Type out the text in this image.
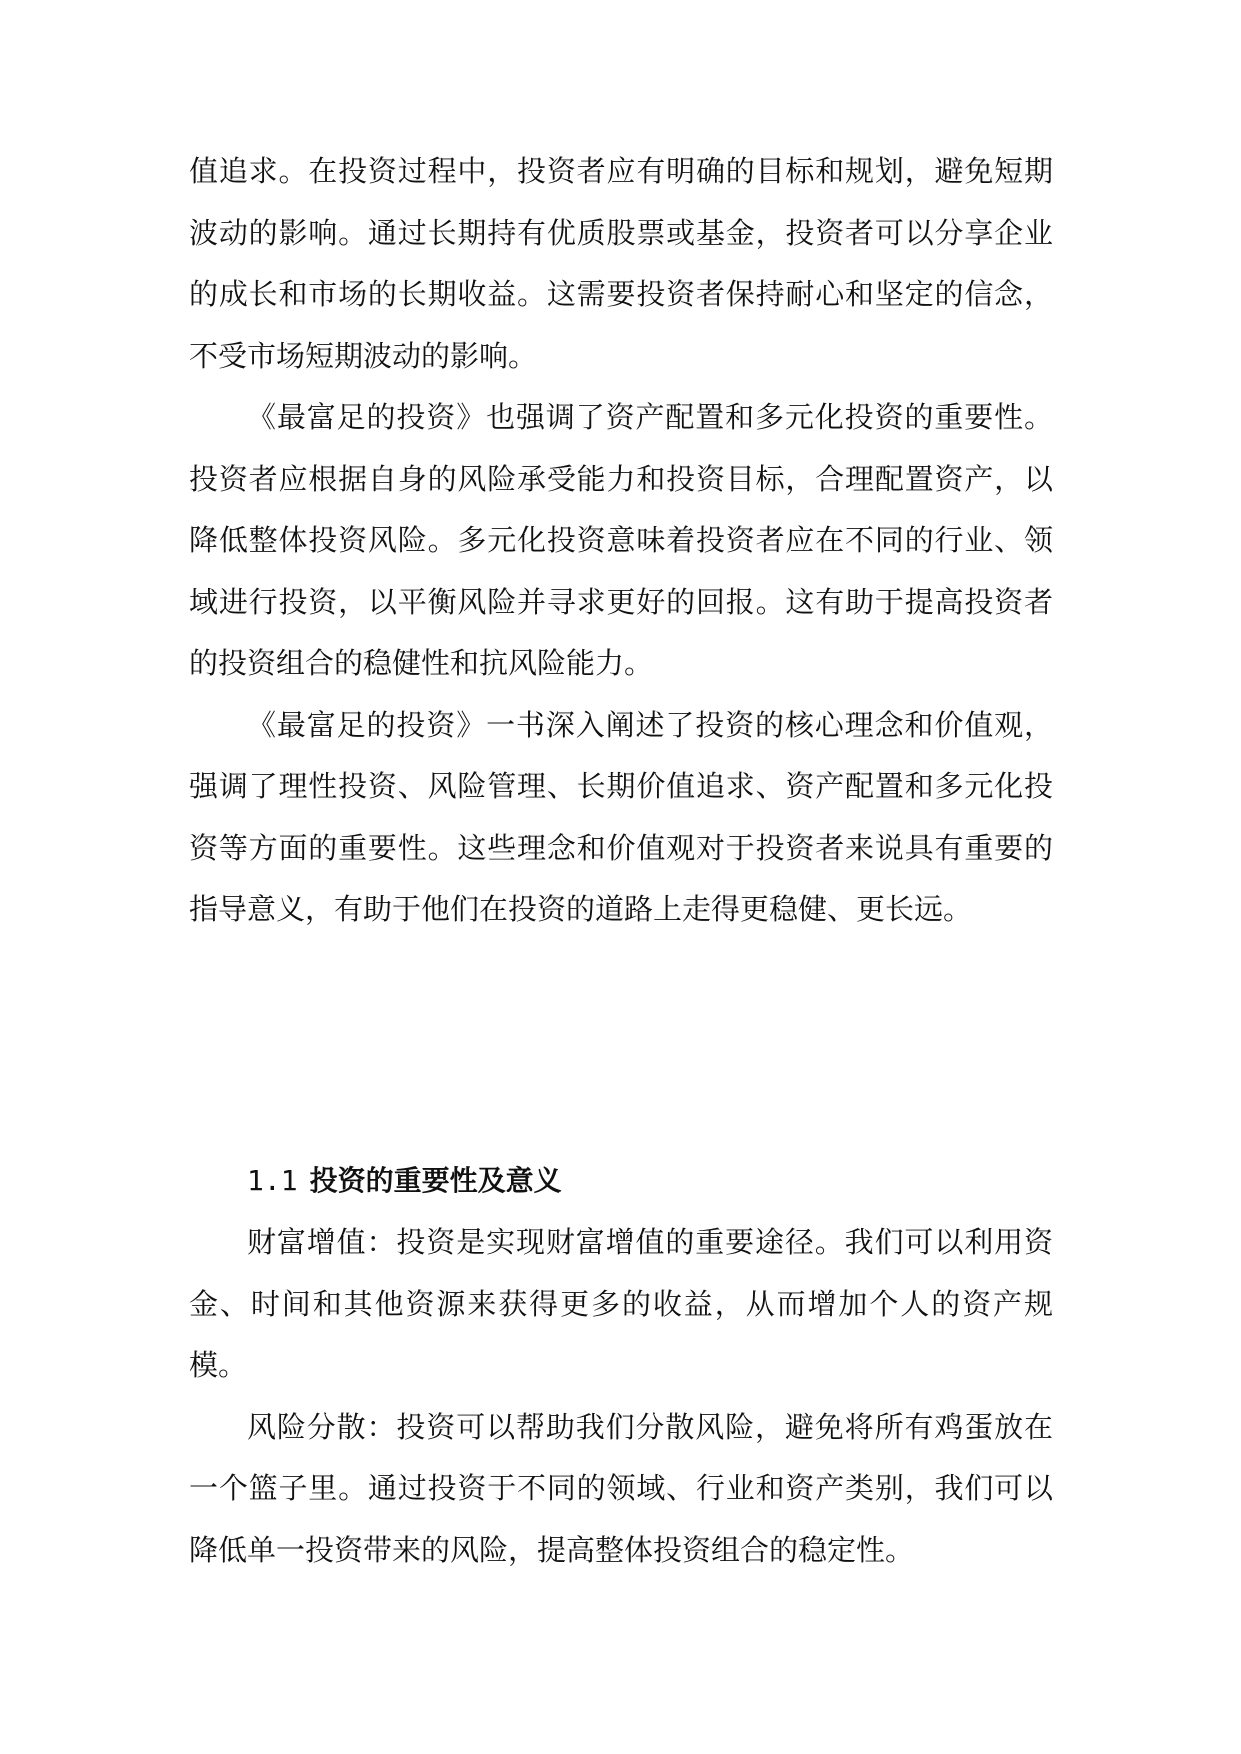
值追求。在投资过程中，投资者应有明确的目标和规划，避免短期波动的影响。通过长期持有优质股票或基金，投资者可以分享企业的成长和市场的长期收益。这需要投资者保持耐心和坚定的信念，不受市场短期波动的影响。

《最富足的投资》也强调了资产配置和多元化投资的重要性。投资者应根据自身的风险承受能力和投资目标，合理配置资产，以降低整体投资风险。多元化投资意味着投资者应在不同的行业、领域进行投资，以平衡风险并寻求更好的回报。这有助于提高投资者的投资组合的稳健性和抗风险能力。

《最富足的投资》一书深入阐述了投资的核心理念和价值观，强调了理性投资、风险管理、长期价值追求、资产配置和多元化投资等方面的重要性。这些理念和价值观对于投资者来说具有重要的指导意义，有助于他们在投资的道路上走得更稳健、更长远。

1.1 投资的重要性及意义

财富增值：投资是实现财富增值的重要途径。我们可以利用资金、时间和其他资源来获得更多的收益，从而增加个人的资产规模。

风险分散：投资可以帮助我们分散风险，避免将所有鸡蛋放在一个篮子里。通过投资于不同的领域、行业和资产类别，我们可以降低单一投资带来的风险，提高整体投资组合的稳定性。
